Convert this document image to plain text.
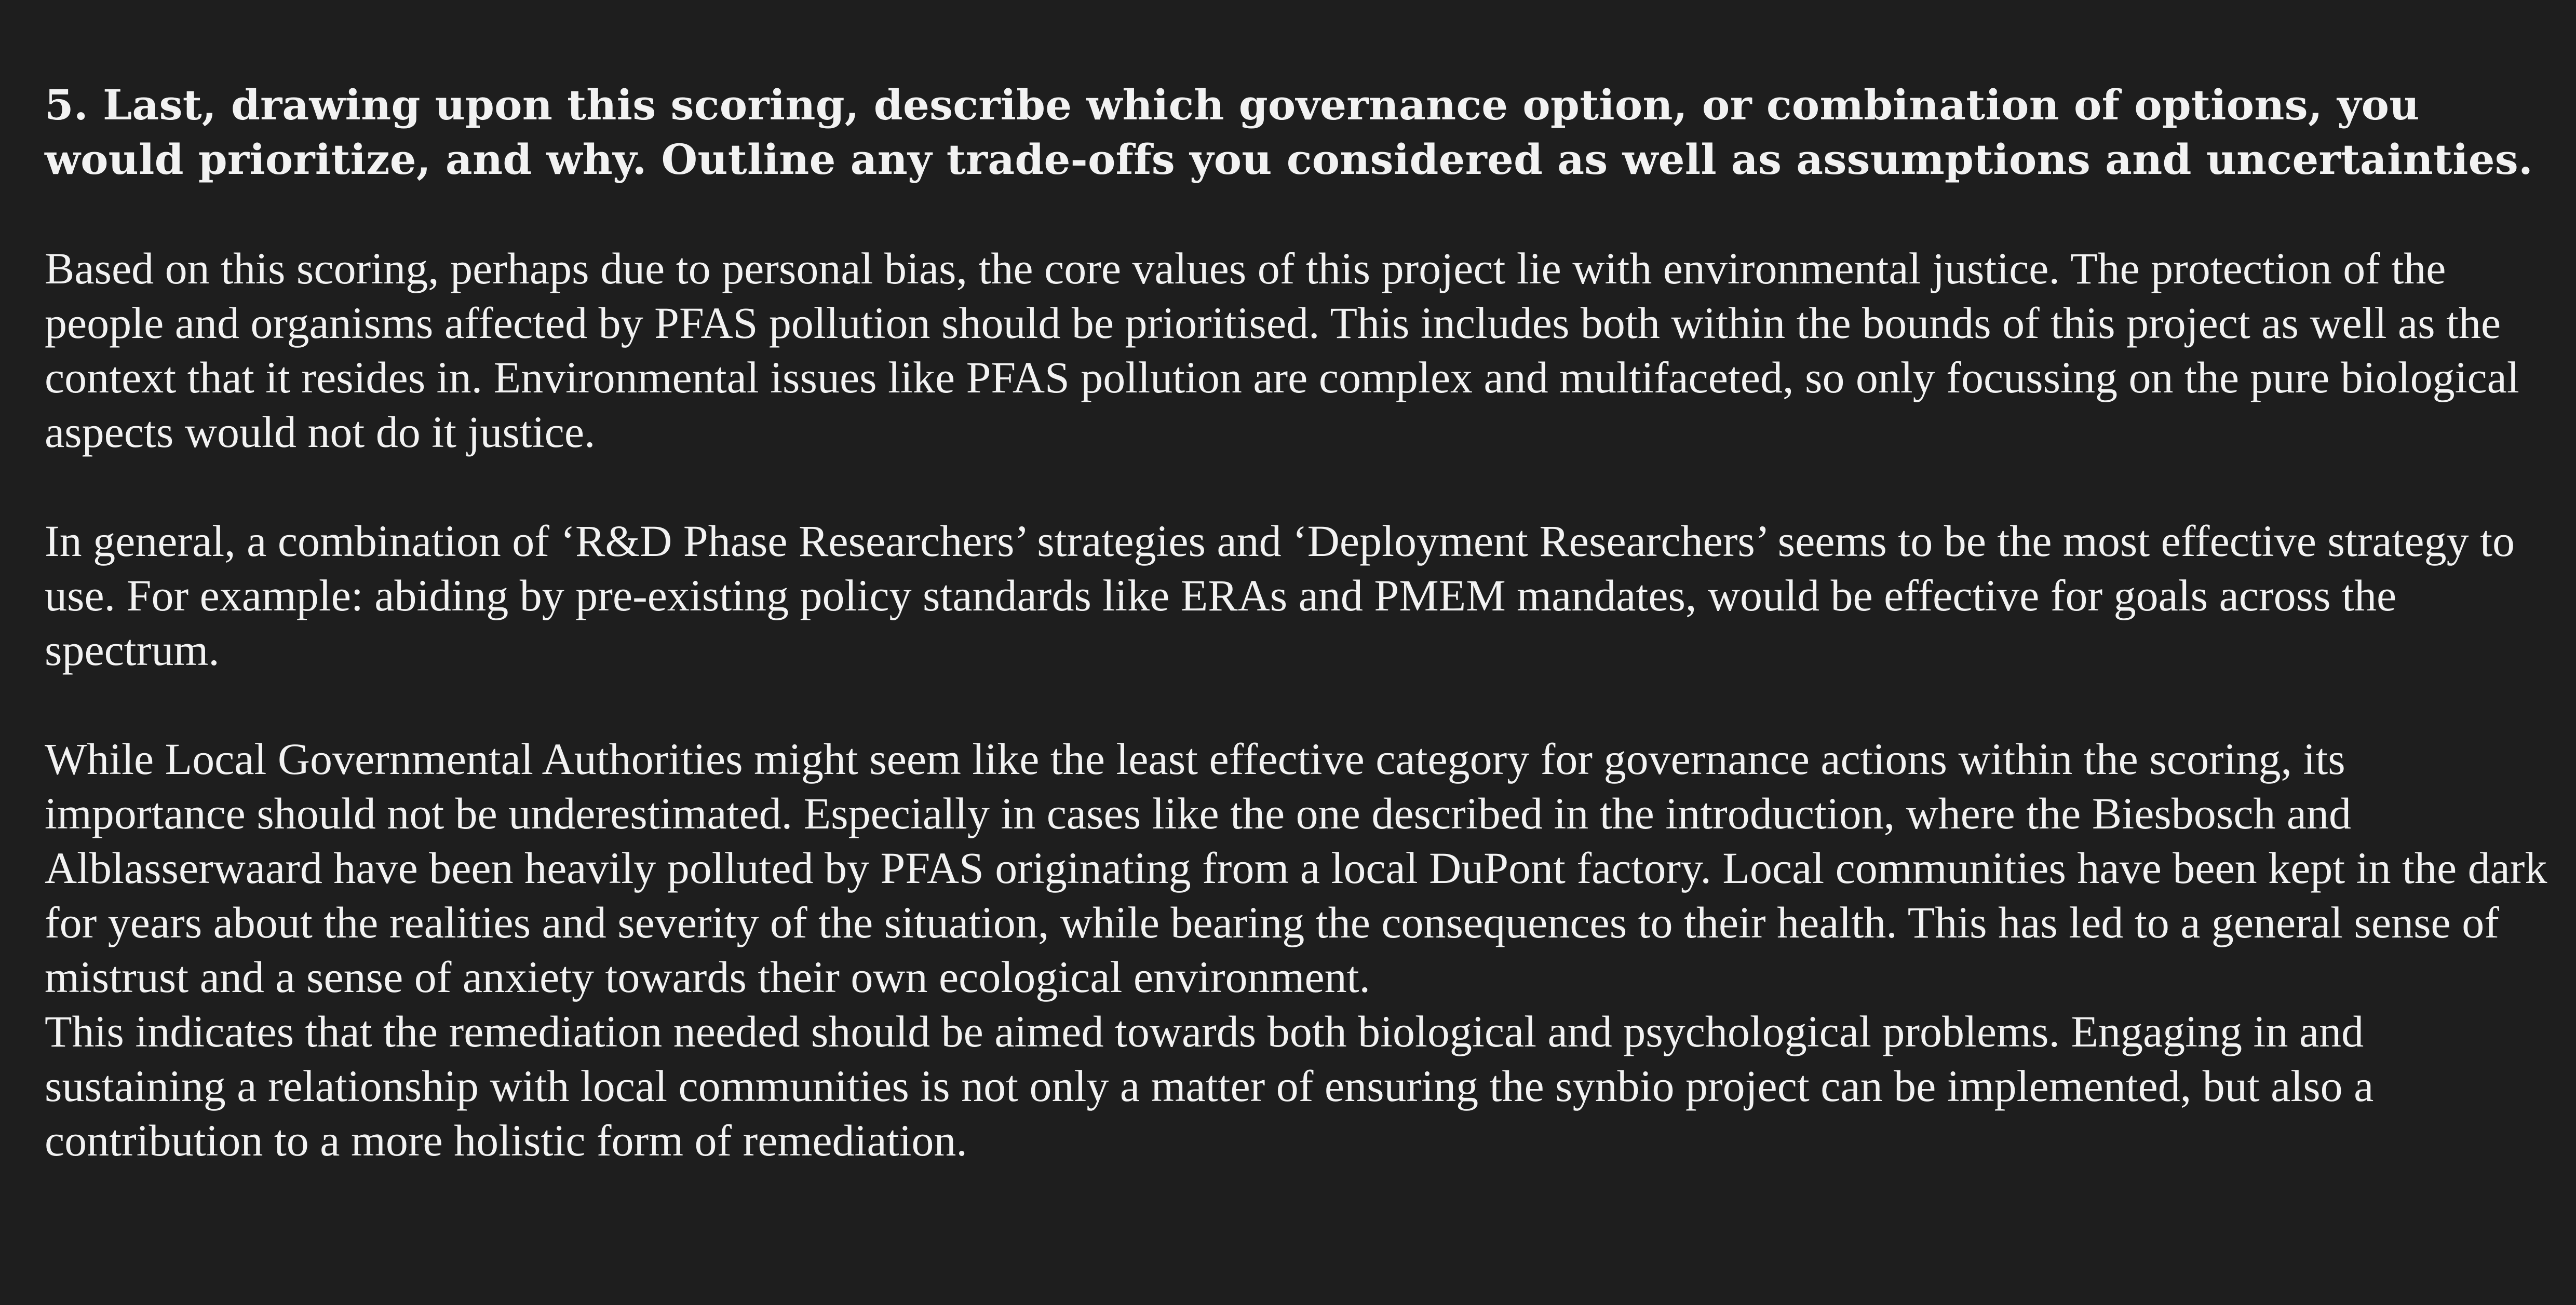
5. Last, drawing upon this scoring, describe which governance option, or combination of options, you would prioritize, and why. Outline any trade-offs you considered as well as assumptions and uncertainties.

Based on this scoring, perhaps due to personal bias, the core values of this project lie with environmental justice. The protection of the people and organisms affected by PFAS pollution should be prioritised. This includes both within the bounds of this project as well as the context that it resides in. Environmental issues like PFAS pollution are complex and multifaceted, so only focussing on the pure biological aspects would not do it justice.

In general, a combination of ‘R&D Phase Researchers’ strategies and ‘Deployment Researchers’ seems to be the most effective strategy to use. For example: abiding by pre-existing policy standards like ERAs and PMEM mandates, would be effective for goals across the spectrum.

While Local Governmental Authorities might seem like the least effective category for governance actions within the scoring, its importance should not be underestimated. Especially in cases like the one described in the introduction, where the Biesbosch and Alblasserwaard have been heavily polluted by PFAS originating from a local DuPont factory. Local communities have been kept in the dark for years about the realities and severity of the situation, while bearing the consequences to their health. This has led to a general sense of mistrust and a sense of anxiety towards their own ecological environment.

This indicates that the remediation needed should be aimed towards both biological and psychological problems. Engaging in and sustaining a relationship with local communities is not only a matter of ensuring the synbio project can be implemented, but also a contribution to a more holistic form of remediation.
